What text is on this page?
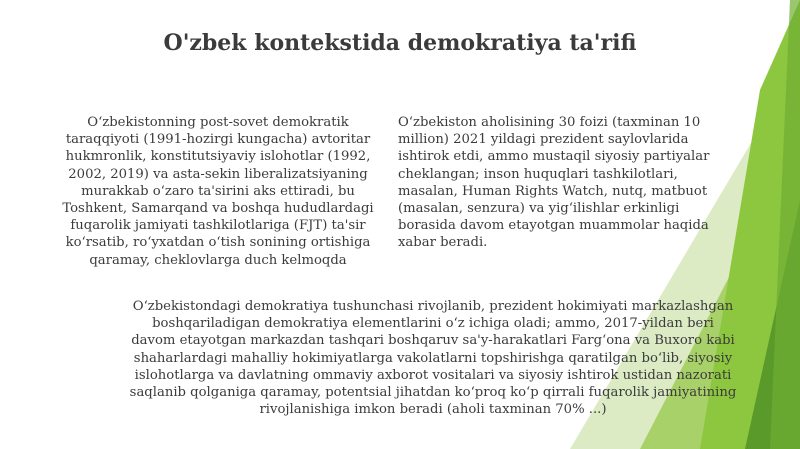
O'zbek kontekstida demokratiya ta'rifi
O‘zbekistonning post-sovet demokratik taraqqiyoti (1991-hozirgi kungacha) avtoritar hukmronlik, konstitutsiyaviy islohotlar (1992, 2002, 2019) va asta-sekin liberalizatsiyaning murakkab o‘zaro ta'sirini aks ettiradi, bu Toshkent, Samarqand va boshqa hududlardagi fuqarolik jamiyati tashkilotlariga (FJT) ta'sir ko‘rsatib, ro‘yxatdan o‘tish sonining ortishiga qaramay, cheklovlarga duch kelmoqda
O‘zbekiston aholisining 30 foizi (taxminan 10 million) 2021 yildagi prezident saylovlarida ishtirok etdi, ammo mustaqil siyosiy partiyalar cheklangan; inson huquqlari tashkilotlari, masalan, Human Rights Watch, nutq, matbuot (masalan, senzura) va yig‘ilishlar erkinligi borasida davom etayotgan muammolar haqida xabar beradi.
O‘zbekistondagi demokratiya tushunchasi rivojlanib, prezident hokimiyati markazlashgan boshqariladigan demokratiya elementlarini o‘z ichiga oladi; ammo, 2017-yildan beri davom etayotgan markazdan tashqari boshqaruv sa'y-harakatlari Farg‘ona va Buxoro kabi shaharlardagi mahalliy hokimiyatlarga vakolatlarni topshirishga qaratilgan bo‘lib, siyosiy islohotlarga va davlatning ommaviy axborot vositalari va siyosiy ishtirok ustidan nazorati saqlanib qolganiga qaramay, potentsial jihatdan ko‘proq ko‘p qirrali fuqarolik jamiyatining rivojlanishiga imkon beradi (aholi taxminan 70% ...)
